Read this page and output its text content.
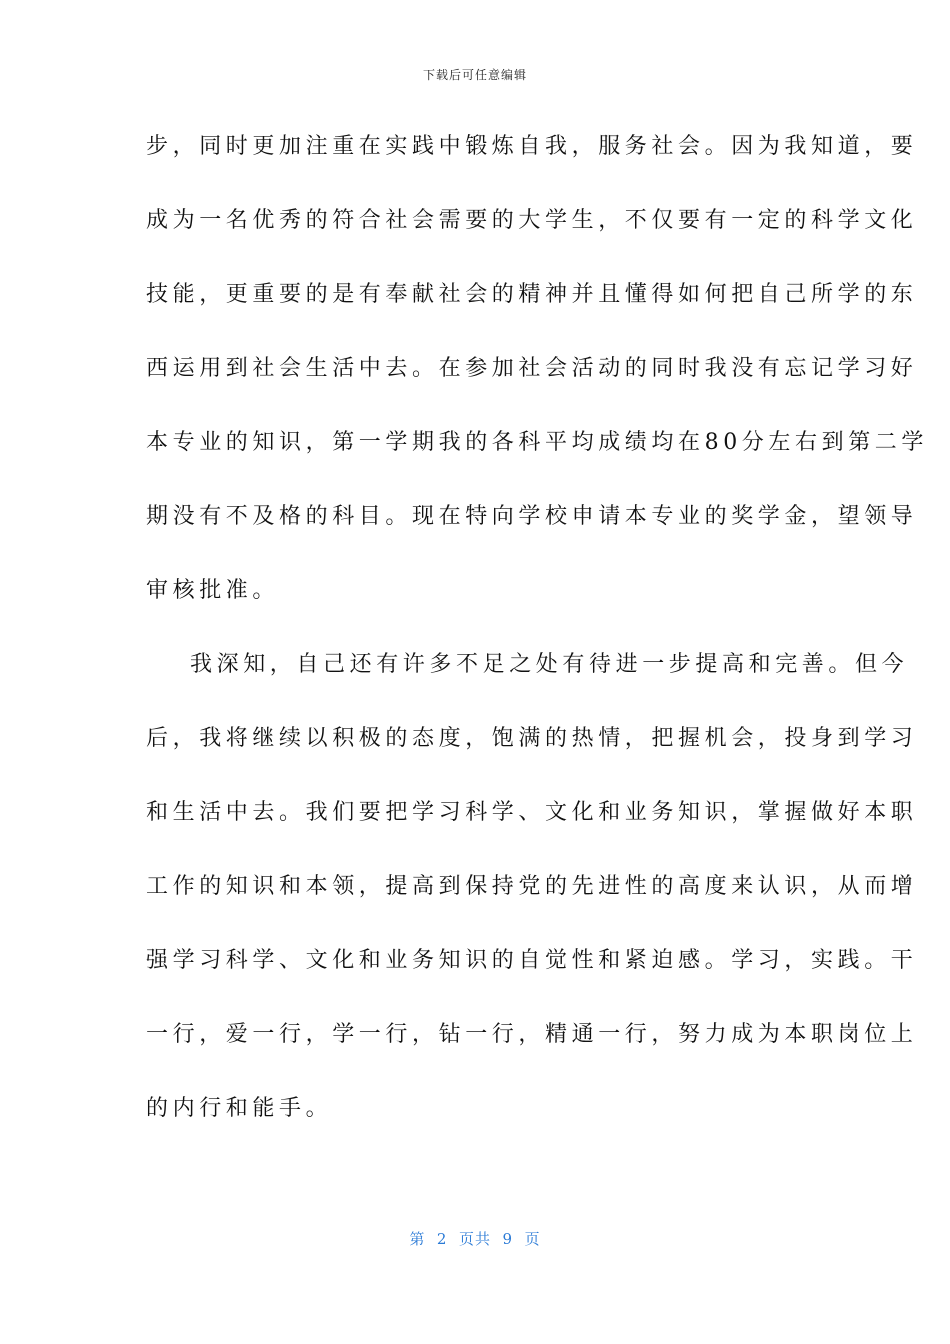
下载后可任意编辑
步，同时更加注重在实践中锻炼自我，服务社会。因为我知道，要
成为一名优秀的符合社会需要的大学生，不仅要有一定的科学文化
技能，更重要的是有奉献社会的精神并且懂得如何把自己所学的东
西运用到社会生活中去。在参加社会活动的同时我没有忘记学习好
本专业的知识，第一学期我的各科平均成绩均在80分左右到第二学
期没有不及格的科目。现在特向学校申请本专业的奖学金，望领导
审核批准。
我深知，自己还有许多不足之处有待进一步提高和完善。但今
后，我将继续以积极的态度，饱满的热情，把握机会，投身到学习
和生活中去。我们要把学习科学、文化和业务知识，掌握做好本职
工作的知识和本领，提高到保持党的先进性的高度来认识，从而增
强学习科学、文化和业务知识的自觉性和紧迫感。学习，实践。干
一行，爱一行，学一行，钻一行，精通一行，努力成为本职岗位上
的内行和能手。
第  2  页共  9  页
